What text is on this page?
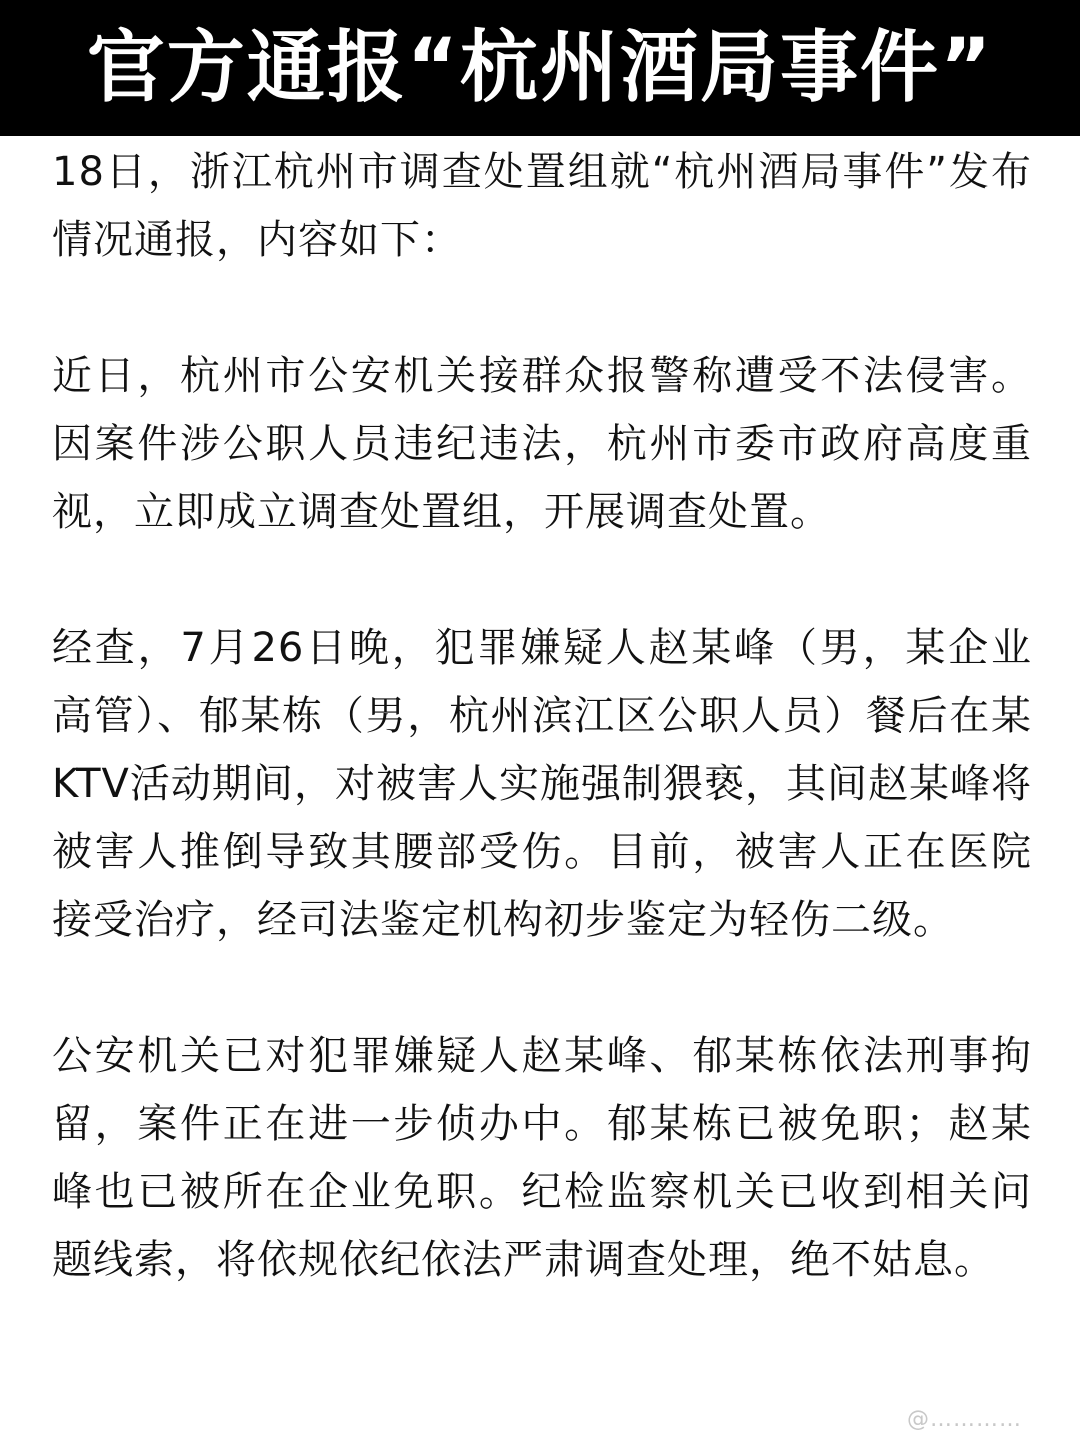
官方通报“杭州酒局事件”

18日，浙江杭州市调查处置组就“杭州酒局事件”发布情况通报，内容如下：

近日，杭州市公安机关接群众报警称遭受不法侵害。因案件涉公职人员违纪违法，杭州市委市政府高度重视，立即成立调查处置组，开展调查处置。

经查，7月26日晚，犯罪嫌疑人赵某峰（男，某企业高管）、郁某栋（男，杭州滨江区公职人员）餐后在某KTV活动期间，对被害人实施强制猥亵，其间赵某峰将被害人推倒导致其腰部受伤。目前，被害人正在医院接受治疗，经司法鉴定机构初步鉴定为轻伤二级。

公安机关已对犯罪嫌疑人赵某峰、郁某栋依法刑事拘留，案件正在进一步侦办中。郁某栋已被免职；赵某峰也已被所在企业免职。纪检监察机关已收到相关问题线索，将依规依纪依法严肃调查处理，绝不姑息。

@…………
